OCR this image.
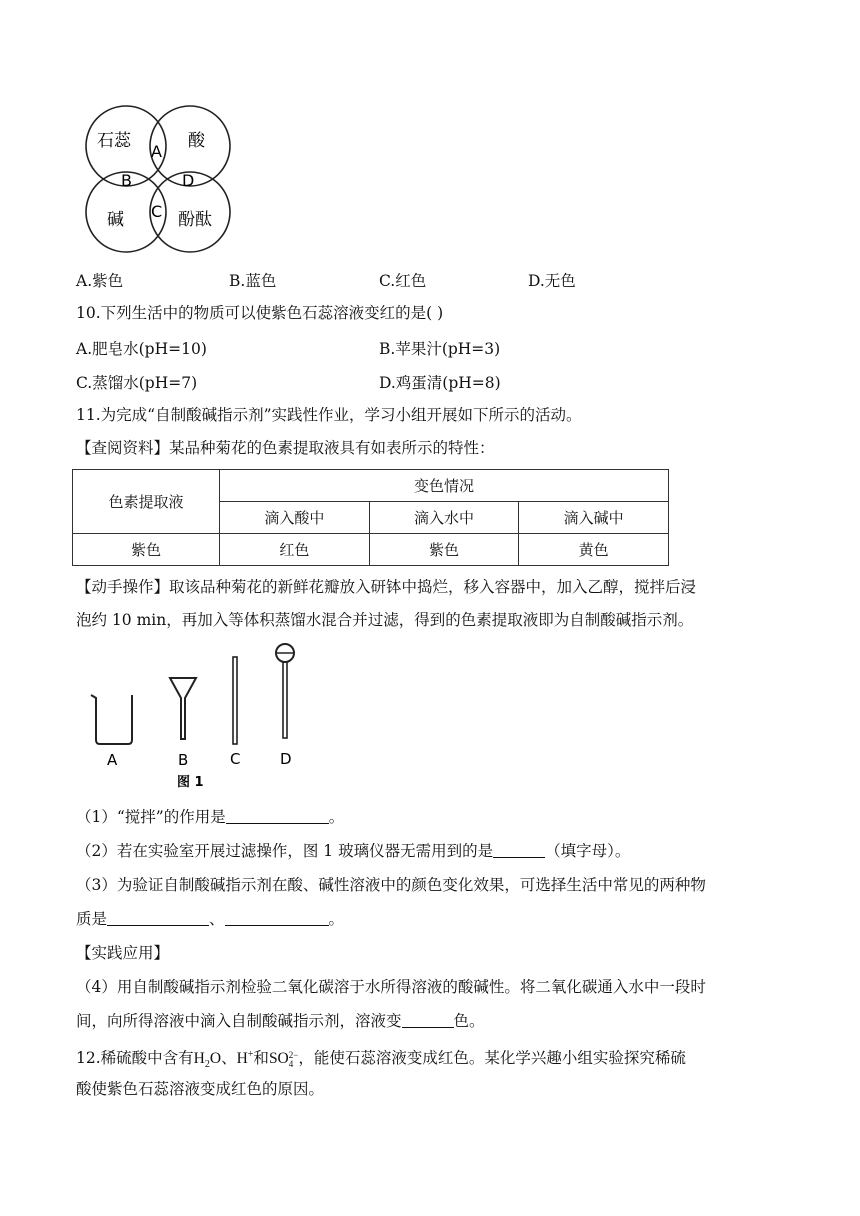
石蕊	酸
碱	酚酞
A
B	D
C
A.紫色	B.蓝色	C.红色	D.无色
10.下列生活中的物质可以使紫色石蕊溶液变红的是( )
A.肥皂水(pH=10)	B.苹果汁(pH=3)
C.蒸馏水(pH=7)	D.鸡蛋清(pH=8)
11.为完成“自制酸碱指示剂”实践性作业，学习小组开展如下所示的活动。
【查阅资料】某品种菊花的色素提取液具有如表所示的特性：
色素提取液	变色情况		
	滴入酸中	滴入水中	滴入碱中
紫色	红色	紫色	黄色
【动手操作】取该品种菊花的新鲜花瓣放入研钵中捣烂，移入容器中，加入乙醇，搅拌后浸
泡约 10 min，再加入等体积蒸馏水混合并过滤，得到的色素提取液即为自制酸碱指示剂。
A	B	C	D
图 1
（1）“搅拌”的作用是	。
（2）若在实验室开展过滤操作，图 1 玻璃仪器无需用到的是	（填字母）。
（3）为验证自制酸碱指示剂在酸、碱性溶液中的颜色变化效果，可选择生活中常见的两种物
质是	、	。
【实践应用】
（4）用自制酸碱指示剂检验二氧化碳溶于水所得溶液的酸碱性。将二氧化碳通入水中一段时
间，向所得溶液中滴入自制酸碱指示剂，溶液变	色。
12.稀硫酸中含有$H_2O$、H+和SO 2−
4 ，能使石蕊溶液变成红色。某化学兴趣小组实验探究稀硫
酸使紫色石蕊溶液变成红色的原因。
